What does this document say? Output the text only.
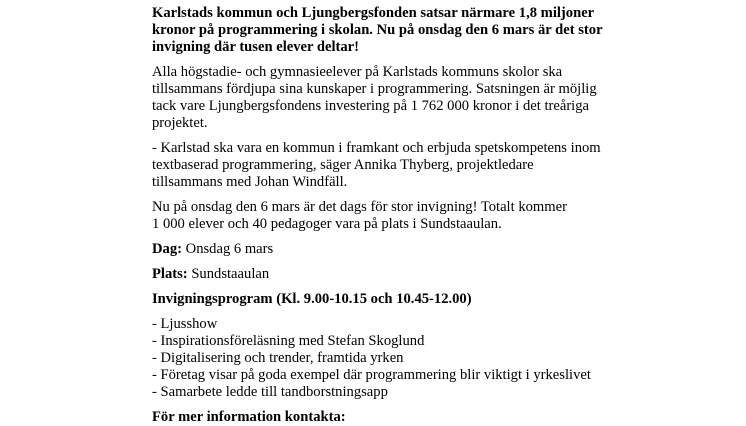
Karlstads kommun och Ljungbergsfonden satsar närmare 1,8 miljoner
kronor på programmering i skolan. Nu på onsdag den 6 mars är det stor
invigning där tusen elever deltar!

Alla högstadie- och gymnasieelever på Karlstads kommuns skolor ska
tillsammans fördjupa sina kunskaper i programmering. Satsningen är möjlig
tack vare Ljungbergsfondens investering på 1 762 000 kronor i det treåriga
projektet.

- Karlstad ska vara en kommun i framkant och erbjuda spetskompetens inom
textbaserad programmering, säger Annika Thyberg, projektledare
tillsammans med Johan Windfäll.

Nu på onsdag den 6 mars är det dags för stor invigning! Totalt kommer
1 000 elever och 40 pedagoger vara på plats i Sundstaaulan.

Dag: Onsdag 6 mars

Plats: Sundstaaulan

Invigningsprogram (Kl. 9.00-10.15 och 10.45-12.00)

- Ljusshow
- Inspirationsföreläsning med Stefan Skoglund
- Digitalisering och trender, framtida yrken
- Företag visar på goda exempel där programmering blir viktigt i yrkeslivet
- Samarbete ledde till tandborstningsapp

För mer information kontakta:
